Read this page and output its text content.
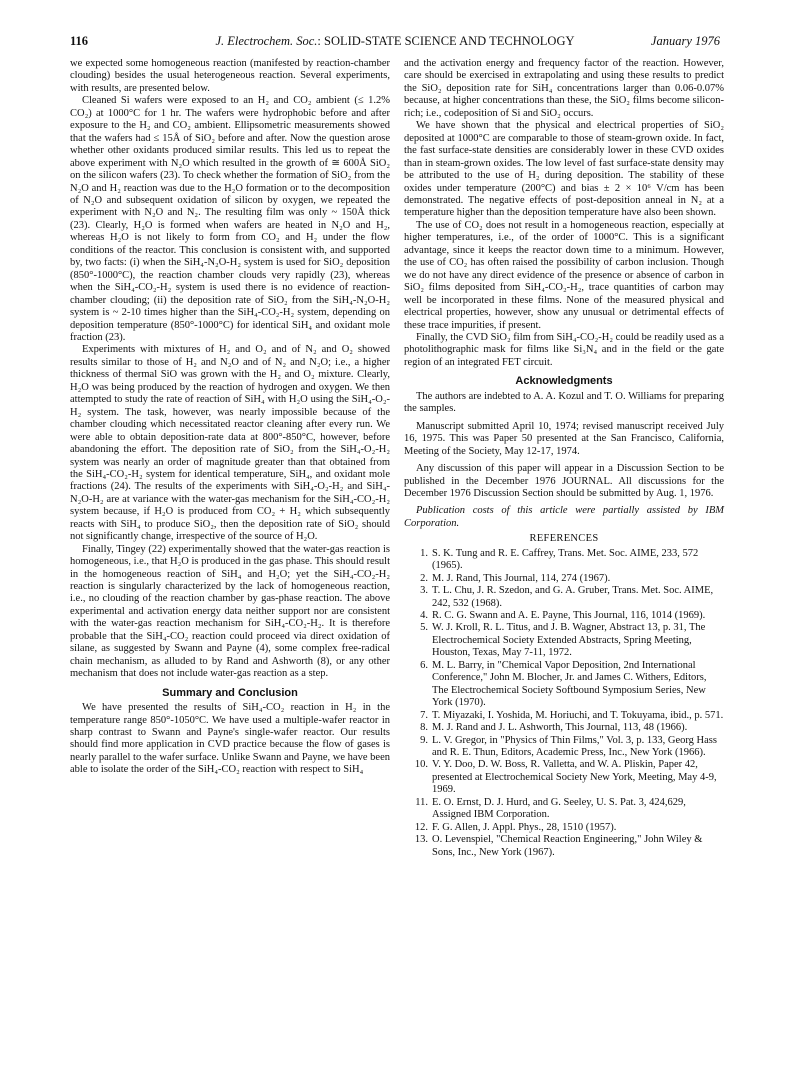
116	J. Electrochem. Soc.: SOLID-STATE SCIENCE AND TECHNOLOGY	January 1976

we expected some homogeneous reaction (manifested by reaction-chamber clouding) besides the usual heterogeneous reaction. Several experiments, with results, are presented below.

Cleaned Si wafers were exposed to an H₂ and CO₂ ambient (≤ 1.2% CO₂) at 1000°C for 1 hr. The wafers were hydrophobic before and after exposure to the H₂ and CO₂ ambient. Ellipsometric measurements showed that the wafers had ≤ 15Å of SiO₂ before and after. Now the question arose whether other oxidants produced similar results. This led us to repeat the above experiment with N₂O which resulted in the growth of ≅ 600Å SiO₂ on the silicon wafers (23). To check whether the formation of SiO₂ from the N₂O and H₂ reaction was due to the H₂O formation or to the decomposition of N₂O and subsequent oxidation of silicon by oxygen, we repeated the experiment with N₂O and N₂. The resulting film was only ~ 150Å thick (23). Clearly, H₂O is formed when wafers are heated in N₂O and H₂, whereas H₂O is not likely to form from CO₂ and H₂ under the flow conditions of the reactor. This conclusion is consistent with, and supported by, two facts: (i) when the SiH₄-N₂O-H₂ system is used for SiO₂ deposition (850°-1000°C), the reaction chamber clouds very rapidly (23), whereas when the SiH₄-CO₂-H₂ system is used there is no evidence of reaction-chamber clouding; (ii) the deposition rate of SiO₂ from the SiH₄-N₂O-H₂ system is ~ 2-10 times higher than the SiH₄-CO₂-H₂ system, depending on deposition temperature (850°-1000°C) for identical SiH₄ and oxidant mole fraction (23).

Experiments with mixtures of H₂ and O₂ and of N₂ and O₂ showed results similar to those of H₂ and N₂O and of N₂ and N₂O; i.e., a higher thickness of thermal SiO was grown with the H₂ and O₂ mixture. Clearly, H₂O was being produced by the reaction of hydrogen and oxygen. We then attempted to study the rate of reaction of SiH₄ with H₂O using the SiH₄-O₂-H₂ system. The task, however, was nearly impossible because of the chamber clouding which necessitated reactor cleaning after every run. We were able to obtain deposition-rate data at 800°-850°C, however, before abandoning the effort. The deposition rate of SiO₂ from the SiH₄-O₂-H₂ system was nearly an order of magnitude greater than that obtained from the SiH₄-CO₂-H₂ system for identical temperature, SiH₄, and oxidant mole fractions (24). The results of the experiments with SiH₄-O₂-H₂ and SiH₄-N₂O-H₂ are at variance with the water-gas mechanism for the SiH₄-CO₂-H₂ system because, if H₂O is produced from CO₂ + H₂ which subsequently reacts with SiH₄ to produce SiO₂, then the deposition rate of SiO₂ should not significantly change, irrespective of the source of H₂O.

Finally, Tingey (22) experimentally showed that the water-gas reaction is homogeneous, i.e., that H₂O is produced in the gas phase. This should result in the homogeneous reaction of SiH₄ and H₂O; yet the SiH₄-CO₂-H₂ reaction is singularly characterized by the lack of homogeneous reaction, i.e., no clouding of the reaction chamber by gas-phase reaction. The above experimental and activation energy data neither support nor are consistent with the water-gas reaction mechanism for SiH₄-CO₂-H₂. It is therefore probable that the SiH₄-CO₂ reaction could proceed via direct oxidation of silane, as suggested by Swann and Payne (4), some complex free-radical chain mechanism, as alluded to by Rand and Ashworth (8), or any other mechanism that does not include water-gas reaction as a step.

Summary and Conclusion

We have presented the results of SiH₄-CO₂ reaction in H₂ in the temperature range 850°-1050°C. We have used a multiple-wafer reactor in sharp contrast to Swann and Payne's single-wafer reactor. Our results should find more application in CVD practice because the flow of gases is nearly parallel to the wafer surface. Unlike Swann and Payne, we have been able to isolate the order of the SiH₄-CO₂ reaction with respect to SiH₄

and the activation energy and frequency factor of the reaction. However, care should be exercised in extrapolating and using these results to predict the SiO₂ deposition rate for SiH₄ concentrations larger than 0.06-0.07% because, at higher concentrations than these, the SiO₂ films become silicon-rich; i.e., codeposition of Si and SiO₂ occurs.

We have shown that the physical and electrical properties of SiO₂ deposited at 1000°C are comparable to those of steam-grown oxide. In fact, the fast surface-state densities are considerably lower in these CVD oxides than in steam-grown oxides. The low level of fast surface-state density may be attributed to the use of H₂ during deposition. The stability of these oxides under temperature (200°C) and bias ± 2 × 10⁶ V/cm has been demonstrated. The negative effects of post-deposition anneal in N₂ at a temperature higher than the deposition temperature have also been shown.

The use of CO₂ does not result in a homogeneous reaction, especially at higher temperatures, i.e., of the order of 1000°C. This is a significant advantage, since it keeps the reactor down time to a minimum. However, the use of CO₂ has often raised the possibility of carbon inclusion. Though we do not have any direct evidence of the presence or absence of carbon in SiO₂ films deposited from SiH₄-CO₂-H₂, trace quantities of carbon may well be incorporated in these films. None of the measured physical and electrical properties, however, show any unusual or detrimental effects of these trace impurities, if present.

Finally, the CVD SiO₂ film from SiH₄-CO₂-H₂ could be readily used as a photolithographic mask for films like Si₃N₄ and in the field or the gate region of an integrated FET circuit.

Acknowledgments

The authors are indebted to A. A. Kozul and T. O. Williams for preparing the samples.

Manuscript submitted April 10, 1974; revised manuscript received July 16, 1975. This was Paper 50 presented at the San Francisco, California, Meeting of the Society, May 12-17, 1974.

Any discussion of this paper will appear in a Discussion Section to be published in the December 1976 JOURNAL. All discussions for the December 1976 Discussion Section should be submitted by Aug. 1, 1976.

Publication costs of this article were partially assisted by IBM Corporation.

REFERENCES
1. S. K. Tung and R. E. Caffrey, Trans. Met. Soc. AIME, 233, 572 (1965).
2. M. J. Rand, This Journal, 114, 274 (1967).
3. T. L. Chu, J. R. Szedon, and G. A. Gruber, Trans. Met. Soc. AIME, 242, 532 (1968).
4. R. C. G. Swann and A. E. Payne, This Journal, 116, 1014 (1969).
5. W. J. Kroll, R. L. Titus, and J. B. Wagner, Abstract 13, p. 31, The Electrochemical Society Extended Abstracts, Spring Meeting, Houston, Texas, May 7-11, 1972.
6. M. L. Barry, in "Chemical Vapor Deposition, 2nd International Conference," John M. Blocher, Jr. and James C. Withers, Editors, The Electrochemical Society Softbound Symposium Series, New York (1970).
7. T. Miyazaki, I. Yoshida, M. Horiuchi, and T. Tokuyama, ibid., p. 571.
8. M. J. Rand and J. L. Ashworth, This Journal, 113, 48 (1966).
9. L. V. Gregor, in "Physics of Thin Films," Vol. 3, p. 133, Georg Hass and R. E. Thun, Editors, Academic Press, Inc., New York (1966).
10. V. Y. Doo, D. W. Boss, R. Valletta, and W. A. Pliskin, Paper 42, presented at Electrochemical Society New York, Meeting, May 4-9, 1969.
11. E. O. Ernst, D. J. Hurd, and G. Seeley, U. S. Pat. 3, 424,629, Assigned IBM Corporation.
12. F. G. Allen, J. Appl. Phys., 28, 1510 (1957).
13. O. Levenspiel, "Chemical Reaction Engineering," John Wiley & Sons, Inc., New York (1967).
